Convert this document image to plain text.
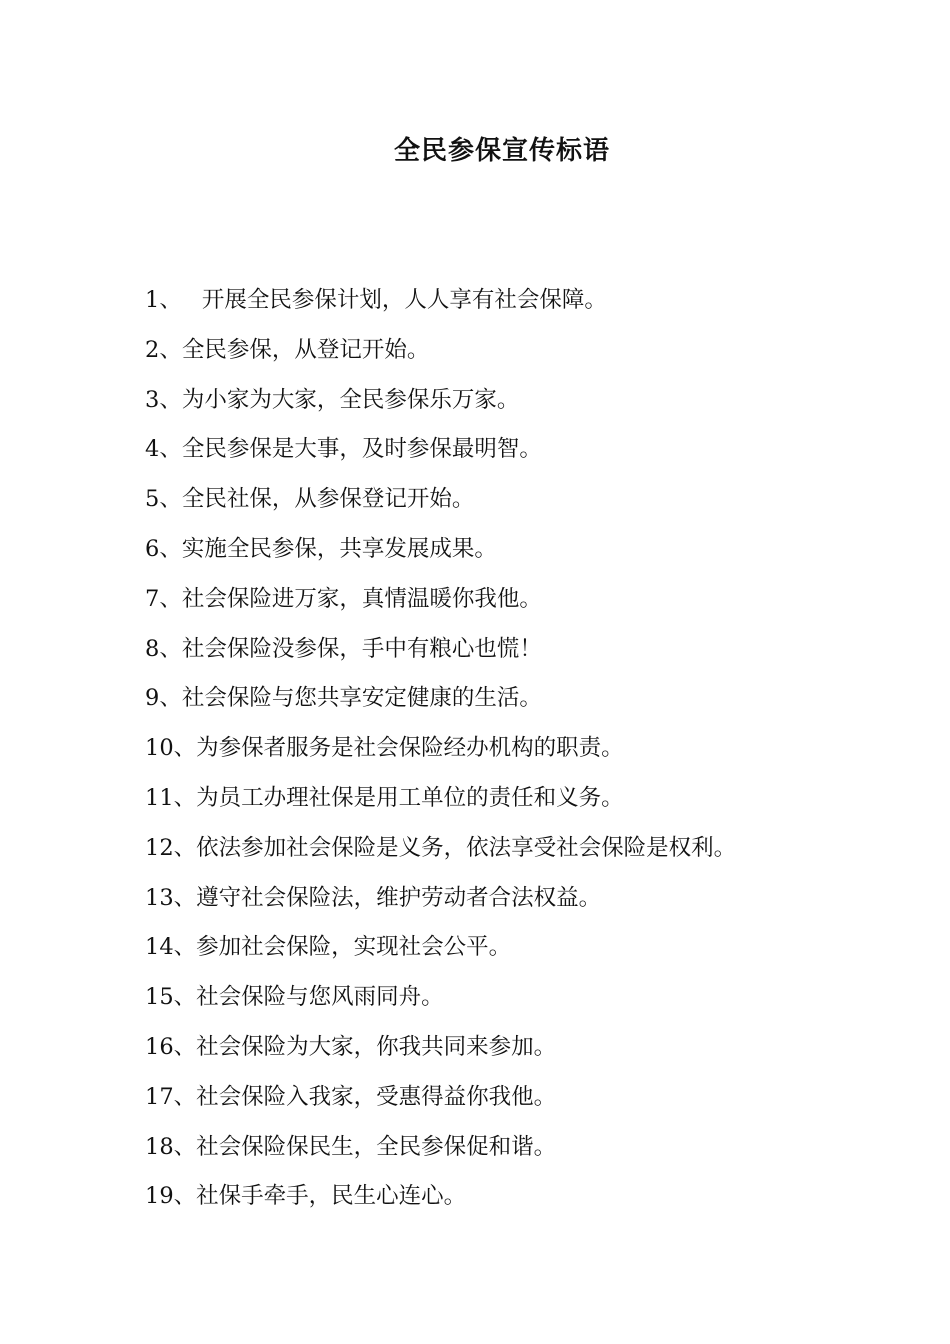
全民参保宣传标语
1、 开展全民参保计划，人人享有社会保障。
2、全民参保，从登记开始。
3、为小家为大家，全民参保乐万家。
4、全民参保是大事，及时参保最明智。
5、全民社保，从参保登记开始。
6、实施全民参保，共享发展成果。
7、社会保险进万家，真情温暖你我他。
8、社会保险没参保，手中有粮心也慌！
9、社会保险与您共享安定健康的生活。
10、为参保者服务是社会保险经办机构的职责。
11、为员工办理社保是用工单位的责任和义务。
12、依法参加社会保险是义务，依法享受社会保险是权利。
13、遵守社会保险法，维护劳动者合法权益。
14、参加社会保险，实现社会公平。
15、社会保险与您风雨同舟。
16、社会保险为大家，你我共同来参加。
17、社会保险入我家，受惠得益你我他。
18、社会保险保民生，全民参保促和谐。
19、社保手牵手，民生心连心。
